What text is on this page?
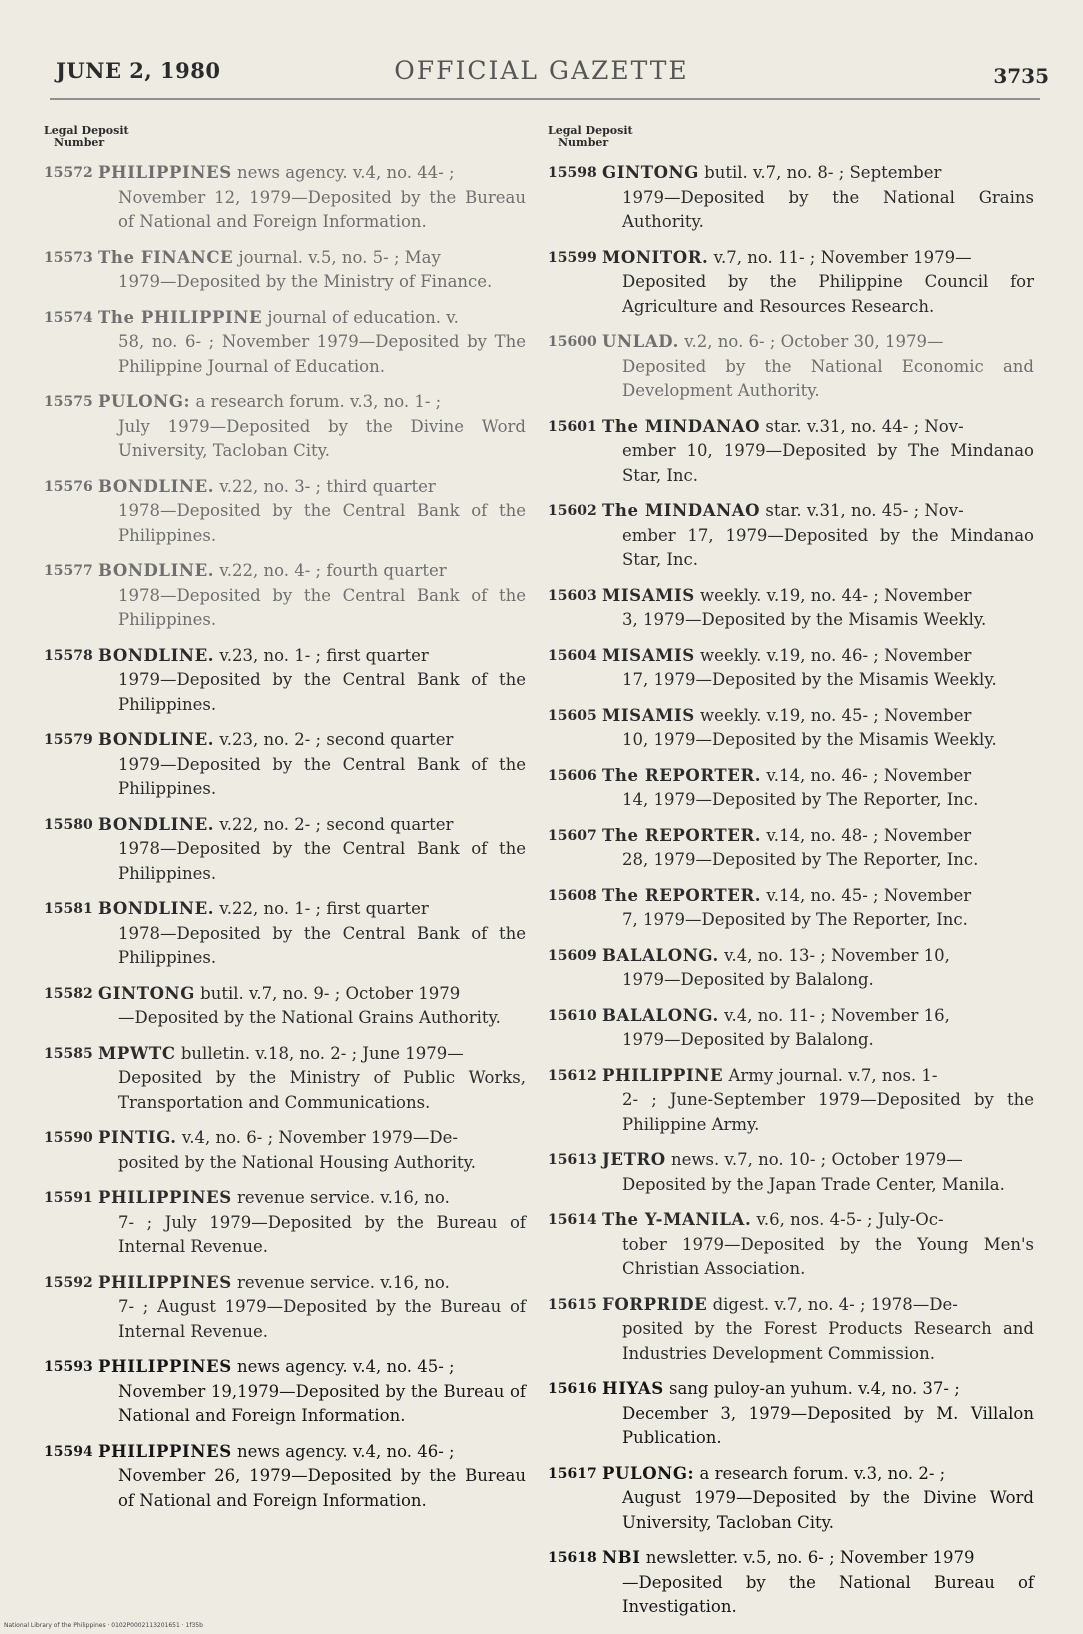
JUNE 2, 1980	OFFICIAL GAZETTE	3735
Legal Deposit
Number
15572 PHILIPPINES news agency. v.4, no. 44- ;
November 12, 1979—Deposited by the Bureau of National and Foreign Information.
15573 The FINANCE journal. v.5, no. 5- ; May
1979—Deposited by the Ministry of Finance.
15574 The PHILIPPINE journal of education. v.
58, no. 6- ; November 1979—Deposited by The Philippine Journal of Education.
15575 PULONG: a research forum. v.3, no. 1- ;
July 1979—Deposited by the Divine Word University, Tacloban City.
15576 BONDLINE. v.22, no. 3- ; third quarter
1978—Deposited by the Central Bank of the Philippines.
15577 BONDLINE. v.22, no. 4- ; fourth quarter
1978—Deposited by the Central Bank of the Philippines.
15578 BONDLINE. v.23, no. 1- ; first quarter
1979—Deposited by the Central Bank of the Philippines.
15579 BONDLINE. v.23, no. 2- ; second quarter
1979—Deposited by the Central Bank of the Philippines.
15580 BONDLINE. v.22, no. 2- ; second quarter
1978—Deposited by the Central Bank of the Philippines.
15581 BONDLINE. v.22, no. 1- ; first quarter
1978—Deposited by the Central Bank of the Philippines.
15582 GINTONG butil. v.7, no. 9- ; October 1979
—Deposited by the National Grains Authority.
15585 MPWTC bulletin. v.18, no. 2- ; June 1979—
Deposited by the Ministry of Public Works, Transportation and Communications.
15590 PINTIG. v.4, no. 6- ; November 1979—De-
posited by the National Housing Authority.
15591 PHILIPPINES revenue service. v.16, no.
7- ; July 1979—Deposited by the Bureau of Internal Revenue.
15592 PHILIPPINES revenue service. v.16, no.
7- ; August 1979—Deposited by the Bureau of Internal Revenue.
15593 PHILIPPINES news agency. v.4, no. 45- ;
November 19,1979—Deposited by the Bureau of National and Foreign Information.
15594 PHILIPPINES news agency. v.4, no. 46- ;
November 26, 1979—Deposited by the Bureau of National and Foreign Information.
Legal Deposit
Number
15598 GINTONG butil. v.7, no. 8- ; September
1979—Deposited by the National Grains Authority.
15599 MONITOR. v.7, no. 11- ; November 1979—
Deposited by the Philippine Council for Agriculture and Resources Research.
15600 UNLAD. v.2, no. 6- ; October 30, 1979—
Deposited by the National Economic and Development Authority.
15601 The MINDANAO star. v.31, no. 44- ; Nov-
ember 10, 1979—Deposited by The Mindanao Star, Inc.
15602 The MINDANAO star. v.31, no. 45- ; Nov-
ember 17, 1979—Deposited by the Mindanao Star, Inc.
15603 MISAMIS weekly. v.19, no. 44- ; November
3, 1979—Deposited by the Misamis Weekly.
15604 MISAMIS weekly. v.19, no. 46- ; November
17, 1979—Deposited by the Misamis Weekly.
15605 MISAMIS weekly. v.19, no. 45- ; November
10, 1979—Deposited by the Misamis Weekly.
15606 The REPORTER. v.14, no. 46- ; November
14, 1979—Deposited by The Reporter, Inc.
15607 The REPORTER. v.14, no. 48- ; November
28, 1979—Deposited by The Reporter, Inc.
15608 The REPORTER. v.14, no. 45- ; November
7, 1979—Deposited by The Reporter, Inc.
15609 BALALONG. v.4, no. 13- ; November 10,
1979—Deposited by Balalong.
15610 BALALONG. v.4, no. 11- ; November 16,
1979—Deposited by Balalong.
15612 PHILIPPINE Army journal. v.7, nos. 1-
2- ; June-September 1979—Deposited by the Philippine Army.
15613 JETRO news. v.7, no. 10- ; October 1979—
Deposited by the Japan Trade Center, Manila.
15614 The Y-MANILA. v.6, nos. 4-5- ; July-Oc-
tober 1979—Deposited by the Young Men's Christian Association.
15615 FORPRIDE digest. v.7, no. 4- ; 1978—De-
posited by the Forest Products Research and Industries Development Commission.
15616 HIYAS sang puloy-an yuhum. v.4, no. 37- ;
December 3, 1979—Deposited by M. Villalon Publication.
15617 PULONG: a research forum. v.3, no. 2- ;
August 1979—Deposited by the Divine Word University, Tacloban City.
15618 NBI newsletter. v.5, no. 6- ; November 1979
—Deposited by the National Bureau of Investigation.
National Library of the Philippines · 0102P0002113201651 · 1f35b
